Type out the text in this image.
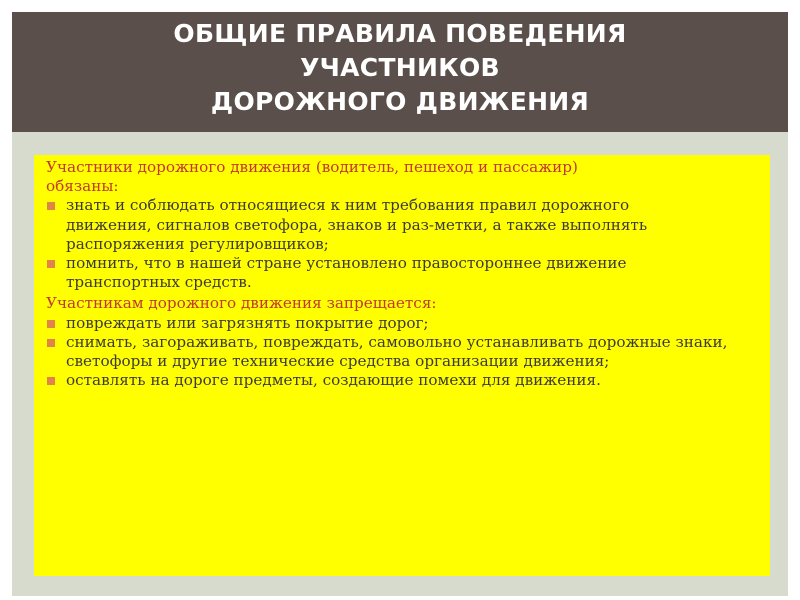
ОБЩИЕ ПРАВИЛА ПОВЕДЕНИЯ
УЧАСТНИКОВ
ДОРОЖНОГО ДВИЖЕНИЯ

Участники дорожного движения (водитель, пешеход и пассажир) обязаны:

знать и соблюдать относящиеся к ним требования правил дорожного движения, сигналов светофора, знаков и раз-метки, а также выполнять распоряжения регулировщиков;
помнить, что в нашей стране установлено правостороннее движение транспортных средств.

Участникам дорожного движения запрещается:

повреждать или загрязнять покрытие дорог;
снимать, загораживать, повреждать, самовольно устанавливать дорожные знаки, светофоры и другие технические средства организации движения;
оставлять на дороге предметы, создающие помехи для движения.
